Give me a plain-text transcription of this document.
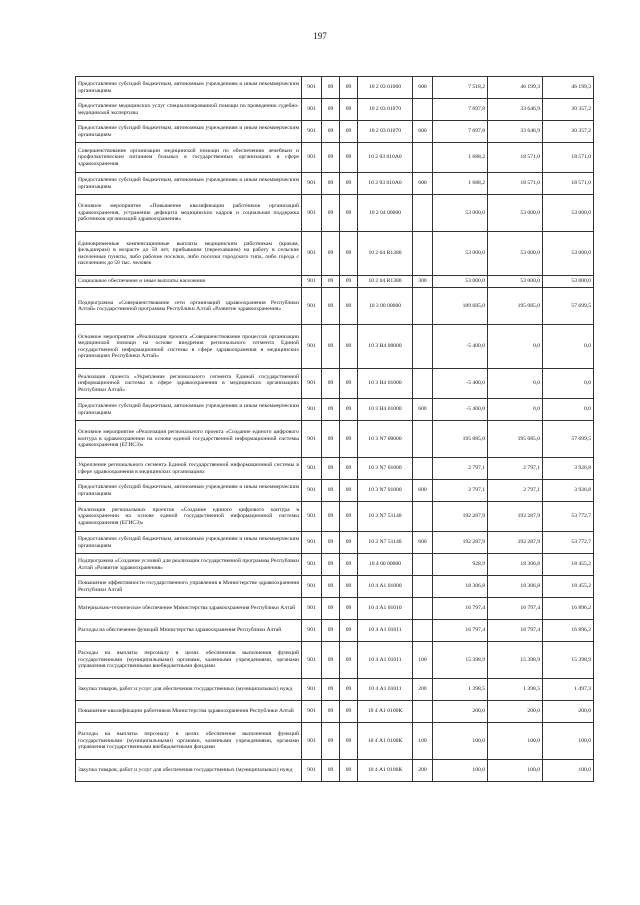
197
Предоставление субсидий бюджетным, автономным учреждениям и иным некоммерческим организациям	901	09	09	10 2 03 01060	600	7 518,2	46 199,3	46 199,3
Предоставление медицинских услуг специализированной помощи по проведению судебно-медицинской экспертизы	901	09	09	10 2 03 01070		7 697,8	33 646,9	30 357,2
Предоставление субсидий бюджетным, автономным учреждениям и иным некоммерческим организациям	901	09	09	10 2 03 01070	600	7 697,8	33 646,9	30 357,2
Совершенствование организации медицинской помощи по обеспечению лечебным и профилактическим питанием больных в государственных организациях в сфере здравоохранения	901	09	09	10 2 03 010А0		1 688,2	18 571,0	18 571,0
Предоставление субсидий бюджетным, автономным учреждениям и иным некоммерческим организациям	901	09	09	10 2 03 010А0	600	1 688,2	18 571,0	18 571,0
Основное мероприятие «Повышение квалификации работников организаций здравоохранения, устранение дефицита медицинских кадров и социальная поддержка работников организаций здравоохранения»	901	09	09	10 2 04 00000		53 000,0	53 000,0	53 000,0
Единовременные компенсационные выплаты медицинским работникам (врачам, фельдшерам) в возрасте до 50 лет, прибывшим (переехавшим) на работу в сельские населенные пункты, либо рабочие поселки, либо поселки городского типа, либо города с населением до 50 тыс. человек	901	09	09	10 2 04 R1380		53 000,0	53 000,0	53 000,0
Социальное обеспечение и иные выплаты населению	901	09	09	10 2 04 R1380	300	53 000,0	53 000,0	53 000,0
Подпрограмма «Совершенствование сети организаций здравоохранения Республики Алтай» государственной программы Республики Алтай «Развитие здравоохранения»	901	09	09	10 3 00 00000		189 685,0	195 085,0	57 699,5
Основное мероприятие «Реализация проекта «Совершенствование процессов организации медицинской помощи на основе внедрения регионального сегмента Единой государственной информационной системы в сфере здравоохранения в медицинских организациях Республики Алтай»	901	09	09	10 3 Н4 00000		-5 400,0	0,0	0,0
Реализация проекта «Укрепление регионального сегмента Единой государственной информационной системы в сфере здравоохранения в медицинских организациях Республики Алтай»	901	09	09	10 3 Н4 01000		-5 400,0	0,0	0,0
Предоставление субсидий бюджетным, автономным учреждениям и иным некоммерческим организациям	901	09	09	10 3 Н4 01000	600	-5 400,0	0,0	0,0
Основное мероприятие «Реализация регионального проекта «Создание единого цифрового контура в здравоохранении на основе единой государственной информационной системы здравоохранения (ЕГИСЗ)»	901	09	09	10 3 N7 00000		195 085,0	195 085,0	57 699,5
Укрепление регионального сегмента Единой государственной информационной системы в сфере здравоохранения в медицинских организациях	901	09	09	10 3 N7 01000		2 797,1	2 797,1	3 926,8
Предоставление субсидий бюджетным, автономным учреждениям и иным некоммерческим организациям	901	09	09	10 3 N7 01000	600	2 797,1	2 797,1	3 926,8
Реализация региональных проектов «Создание единого цифрового контура в здравоохранении на основе единой государственной информационной системы здравоохранения (ЕГИСЗ)»	901	09	09	10 3 N7 51140		192 287,9	192 287,9	53 772,7
Предоставление субсидий бюджетным, автономным учреждениям и иным некоммерческим организациям	901	09	09	10 3 N7 51140	600	192 287,9	192 287,9	53 772,7
Подпрограмма «Создание условий для реализации государственной программы Республики Алтай «Развитие здравоохранения»	901	09	09	10 4 00 00000		928,9	18 306,8	18 455,2
Повышение эффективности государственного управления в Министерстве здравоохранения Республики Алтай	901	09	09	10 4 А1 01000		18 306,8	18 306,8	18 455,2
Материально-техническое обеспечение Министерства здравоохранения Республики Алтай	901	09	09	10 4 А1 01010		16 797,4	16 797,4	16 896,2
Расходы на обеспечение функций Министерства здравоохранения Республики Алтай	901	09	09	10 4 А1 01011		16 797,4	16 797,4	16 896,2
Расходы на выплаты персоналу в целях обеспечения выполнения функций государственными (муниципальными) органами, казенными учреждениями, органами управления государственными внебюджетными фондами	901	09	09	10 4 А1 01011	100	15 398,9	15 398,9	15 398,9
Закупка товаров, работ и услуг для обеспечения государственных (муниципальных) нужд	901	09	09	10 4 А1 01011	200	1 398,5	1 398,5	1 497,3
Повышение квалификации работников Министерства здравоохранения Республики Алтай	901	09	09	10 4 А1 0100К		200,0	200,0	200,0
Расходы на выплаты персоналу в целях обеспечения выполнения функций государственными (муниципальными) органами, казенными учреждениями, органами управления государственными внебюджетными фондами	901	09	09	10 4 А1 0100К	100	100,0	100,0	100,0
Закупка товаров, работ и услуг для обеспечения государственных (муниципальных) нужд	901	09	09	10 4 А1 0100К	200	100,0	100,0	100,0
